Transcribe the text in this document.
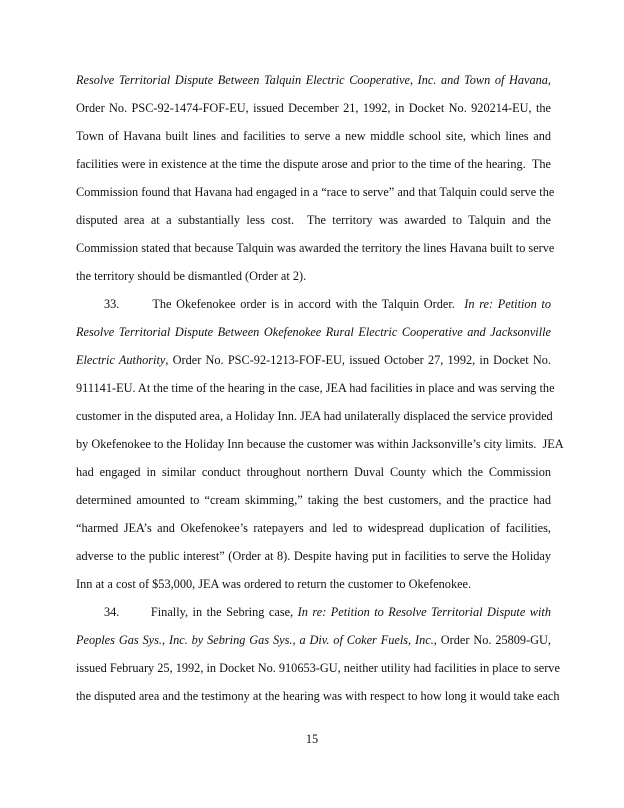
15
Resolve Territorial Dispute Between Talquin Electric Cooperative, Inc. and Town of Havana,
Order No. PSC-92-1474-FOF-EU, issued December 21, 1992, in Docket No. 920214-EU, the
Town of Havana built lines and facilities to serve a new middle school site, which lines and
facilities were in existence at the time the dispute arose and prior to the time of the hearing.  The
Commission found that Havana had engaged in a “race to serve” and that Talquin could serve the
disputed area at a substantially less cost.  The territory was awarded to Talquin and the
Commission stated that because Talquin was awarded the territory the lines Havana built to serve
the territory should be dismantled (Order at 2).
33.       The Okefenokee order is in accord with the Talquin Order.  In re: Petition to
Resolve Territorial Dispute Between Okefenokee Rural Electric Cooperative and Jacksonville
Electric Authority, Order No. PSC-92-1213-FOF-EU, issued October 27, 1992, in Docket No.
911141-EU. At the time of the hearing in the case, JEA had facilities in place and was serving the
customer in the disputed area, a Holiday Inn. JEA had unilaterally displaced the service provided
by Okefenokee to the Holiday Inn because the customer was within Jacksonville’s city limits.  JEA
had engaged in similar conduct throughout northern Duval County which the Commission
determined amounted to “cream skimming,” taking the best customers, and the practice had
“harmed JEA’s and Okefenokee’s ratepayers and led to widespread duplication of facilities,
adverse to the public interest” (Order at 8). Despite having put in facilities to serve the Holiday
Inn at a cost of $53,000, JEA was ordered to return the customer to Okefenokee.
34.       Finally, in the Sebring case, In re: Petition to Resolve Territorial Dispute with
Peoples Gas Sys., Inc. by Sebring Gas Sys., a Div. of Coker Fuels, Inc., Order No. 25809-GU,
issued February 25, 1992, in Docket No. 910653-GU, neither utility had facilities in place to serve
the disputed area and the testimony at the hearing was with respect to how long it would take each
